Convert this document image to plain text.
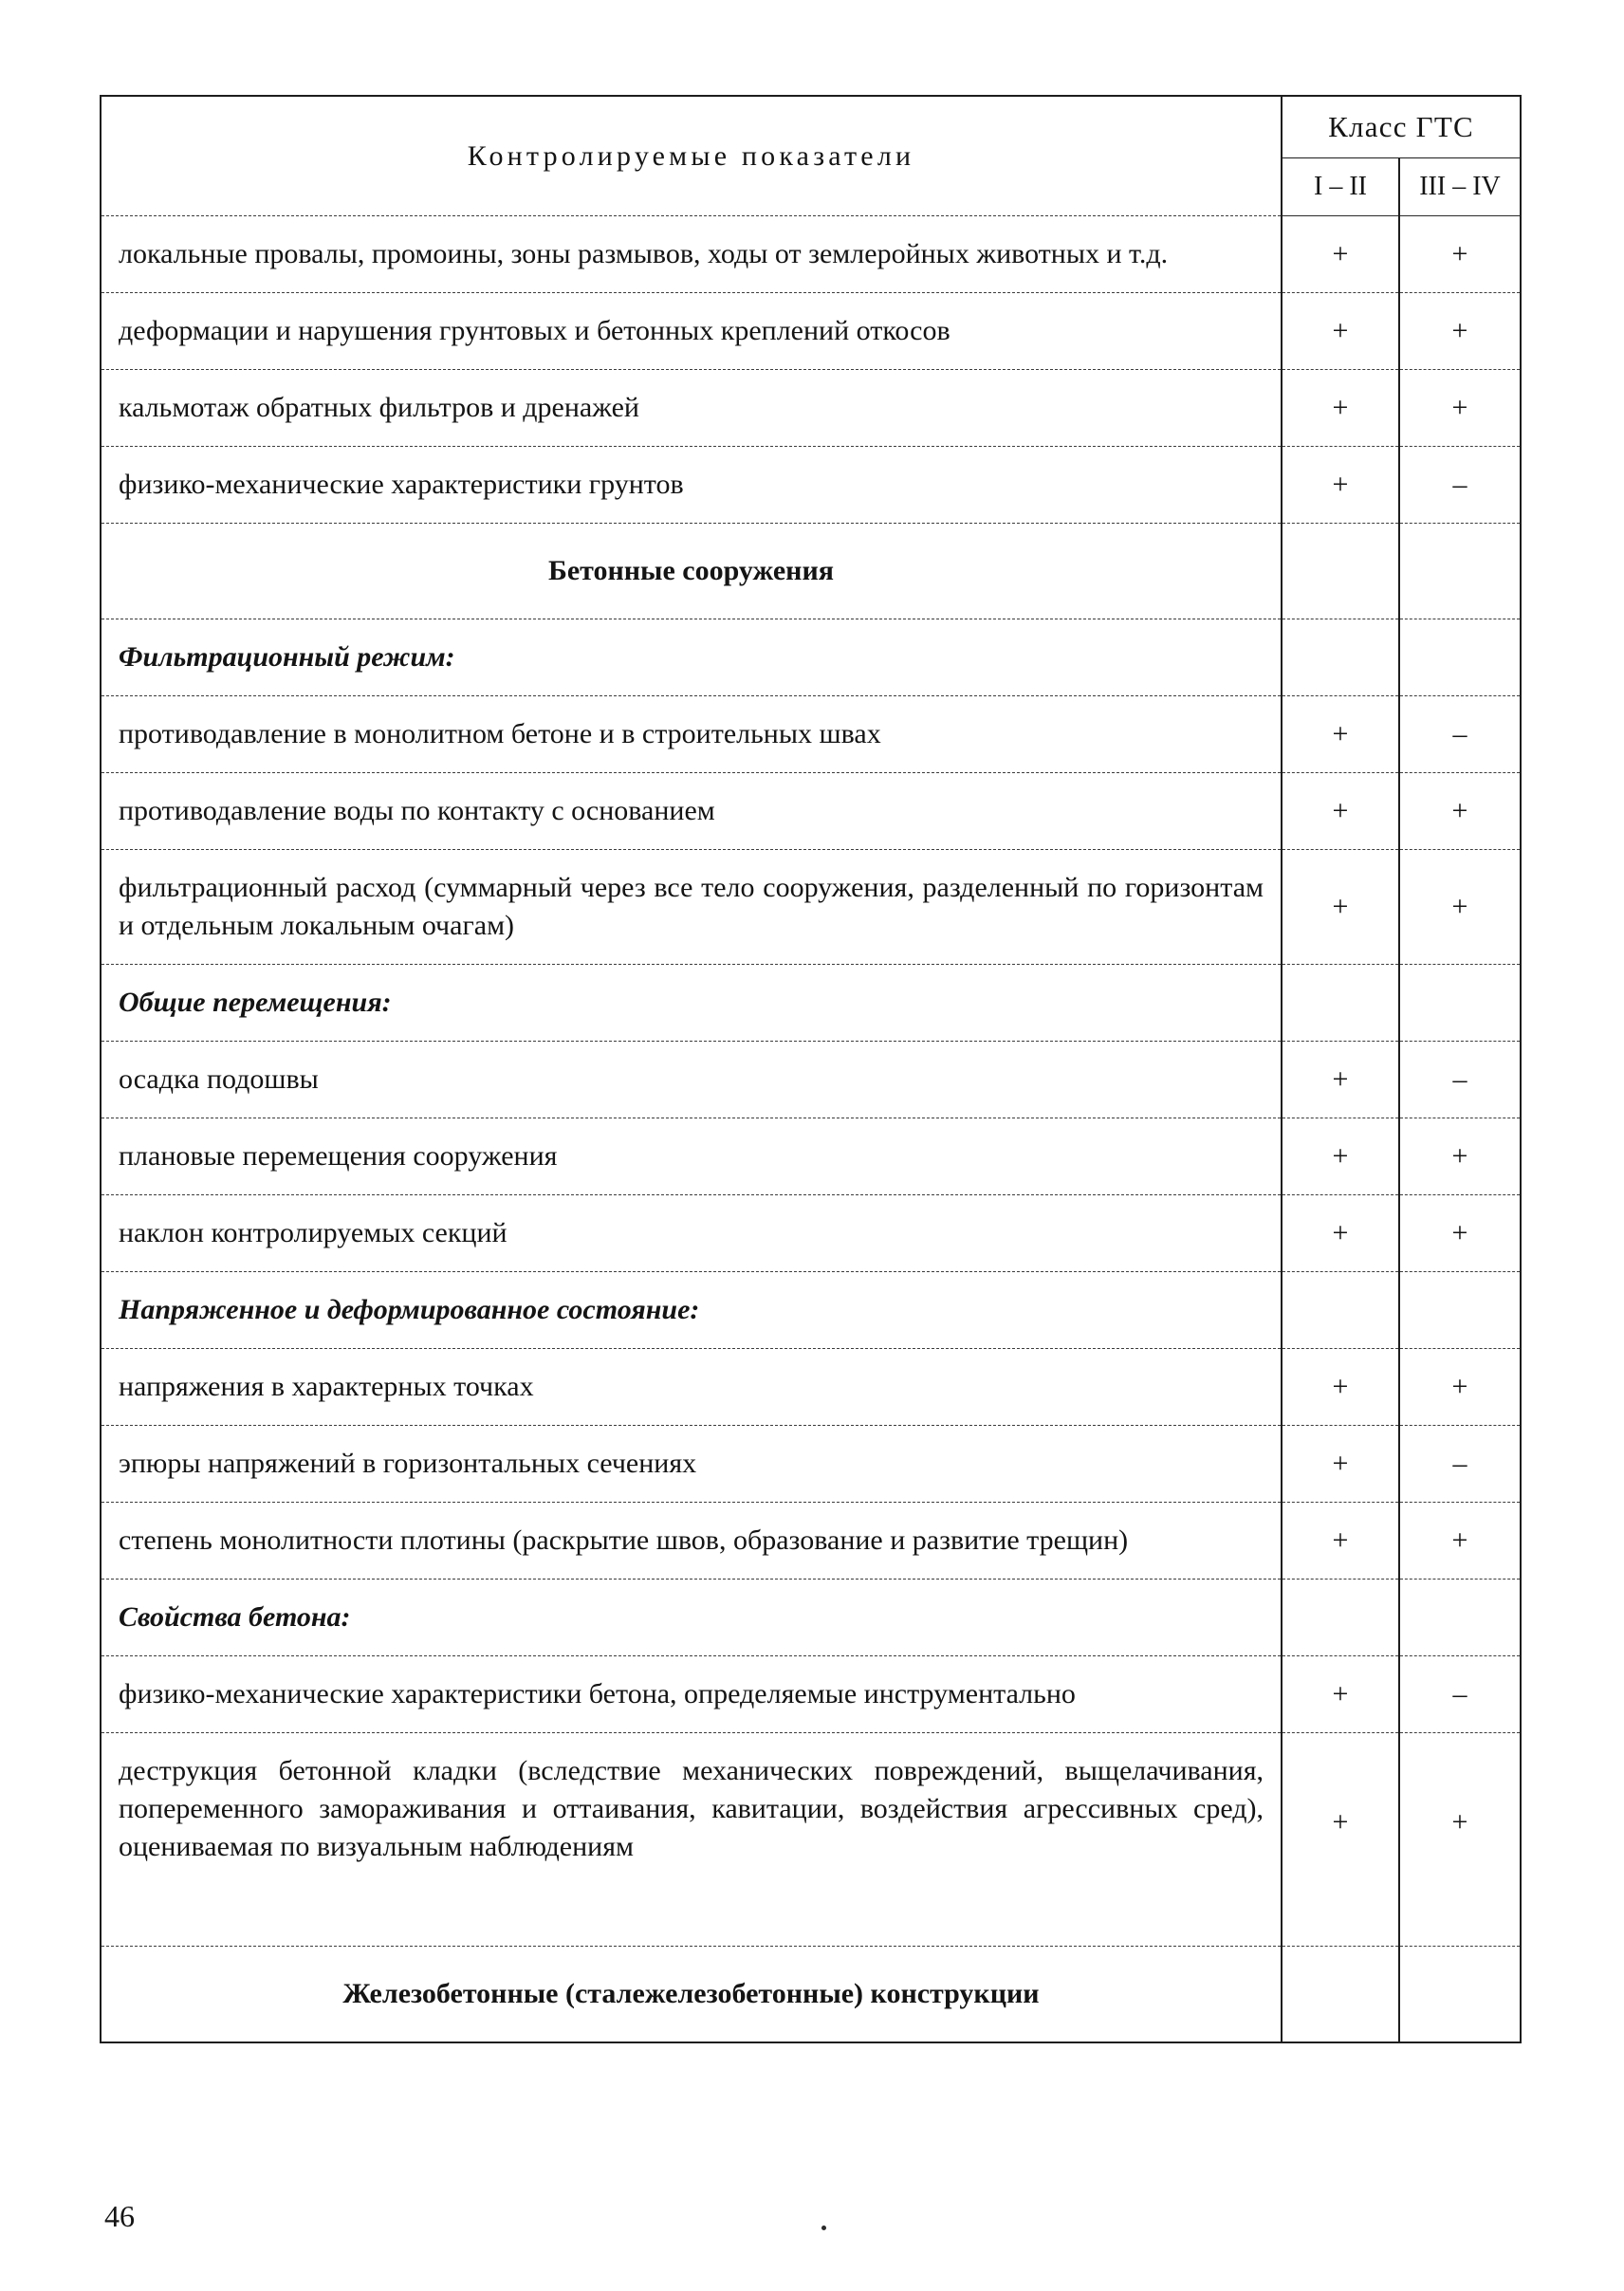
Контролируемые показатели	Класс ГТС	
	I – II	III – IV
локальные провалы, промоины, зоны размывов, ходы от землеройных животных и т.д.	+	+
деформации и нарушения грунтовых и бетонных креплений откосов	+	+
кальмотаж обратных фильтров и дренажей	+	+
физико-механические характеристики грунтов	+	–
Бетонные сооружения		
Фильтрационный режим:		
противодавление в монолитном бетоне и в строительных швах	+	–
противодавление воды по контакту с основанием	+	+
фильтрационный расход (суммарный через все тело сооружения, разделенный по горизонтам и отдельным локальным очагам)	+	+
Общие перемещения:		
осадка подошвы	+	–
плановые перемещения сооружения	+	+
наклон контролируемых секций	+	+
Напряженное и деформированное состояние:		
напряжения в характерных точках	+	+
эпюры напряжений в горизонтальных сечениях	+	–
степень монолитности плотины (раскрытие швов, образование и развитие трещин)	+	+
Свойства бетона:		
физико-механические характеристики бетона, определяемые инструментально	+	–
деструкция бетонной кладки (вследствие механических повреждений, выщелачивания, попеременного замораживания и оттаивания, кавитации, воздействия агрессивных сред), оцениваемая по визуальным наблюдениям	+	+
Железобетонные (сталежелезобетонные) конструкции		
46
